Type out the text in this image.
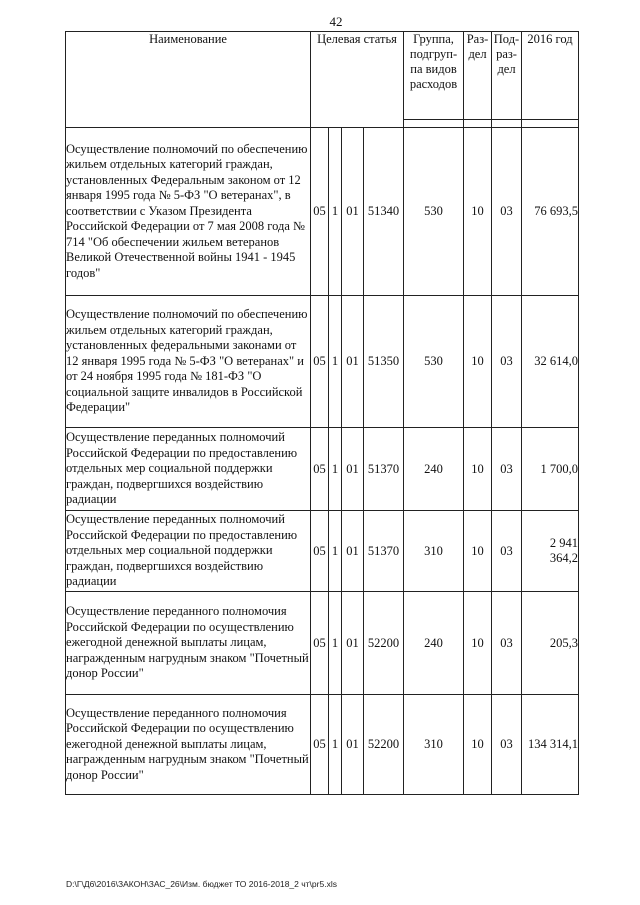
42
Наименование	Целевая статья				Группа, подгруп-па видов расходов	Раз-дел	Под-раз-дел	2016 год

Осуществление полномочий по обеспечению жильем отдельных категорий граждан, установленных Федеральным законом от 12 января 1995 года № 5-ФЗ "О ветеранах", в соответствии с Указом Президента Российской Федерации от 7 мая 2008 года № 714 "Об обеспечении жильем ветеранов Великой Отечественной войны 1941 - 1945 годов"	05	1	01	51340	530	10	03	76 693,5
Осуществление полномочий по обеспечению жильем отдельных категорий граждан, установленных федеральными законами от 12 января 1995 года № 5-ФЗ "О ветеранах" и от 24 ноября 1995 года № 181-ФЗ "О социальной защите инвалидов в Российской Федерации"	05	1	01	51350	530	10	03	32 614,0
Осуществление переданных полномочий Российской Федерации по предоставлению отдельных мер социальной поддержки граждан, подвергшихся воздействию радиации	05	1	01	51370	240	10	03	1 700,0
Осуществление переданных полномочий Российской Федерации по предоставлению отдельных мер социальной поддержки граждан, подвергшихся воздействию радиации	05	1	01	51370	310	10	03	2 941 364,2
Осуществление переданного полномочия Российской Федерации по осуществлению ежегодной денежной выплаты лицам, награжденным нагрудным знаком "Почетный донор России"	05	1	01	52200	240	10	03	205,3
Осуществление переданного полномочия Российской Федерации по осуществлению ежегодной денежной выплаты лицам, награжденным нагрудным знаком "Почетный донор России"	05	1	01	52200	310	10	03	134 314,1
D:\Г\Д6\2016\ЗАКОН\ЗАС_26\Изм. бюджет ТО 2016-2018_2 чт\pr5.xls
